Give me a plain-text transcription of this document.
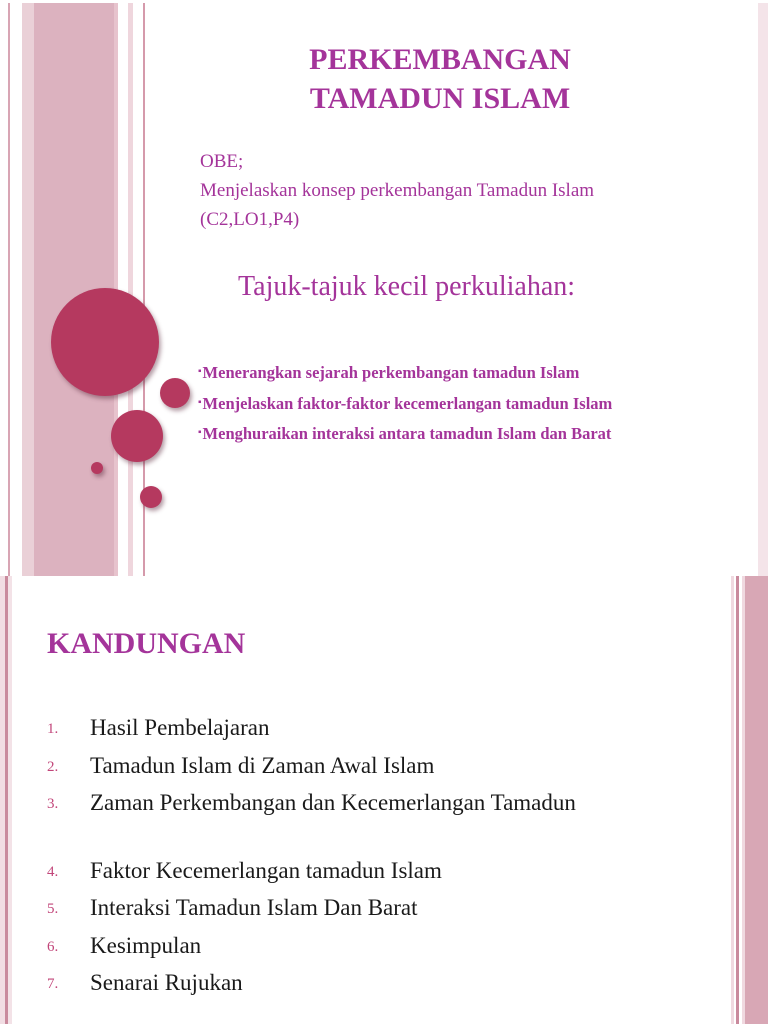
PERKEMBANGAN
TAMADUN ISLAM
OBE;
Menjelaskan konsep perkembangan Tamadun Islam
(C2,LO1,P4)
Tajuk-tajuk kecil perkuliahan:
▪Menerangkan sejarah perkembangan tamadun Islam
▪Menjelaskan faktor-faktor kecemerlangan tamadun Islam
▪Menghuraikan interaksi antara tamadun Islam dan Barat
KANDUNGAN
1. Hasil Pembelajaran
2. Tamadun Islam di Zaman Awal Islam
3. Zaman Perkembangan dan Kecemerlangan Tamadun
4. Faktor Kecemerlangan tamadun Islam
5. Interaksi Tamadun Islam Dan Barat
6. Kesimpulan
7. Senarai Rujukan
